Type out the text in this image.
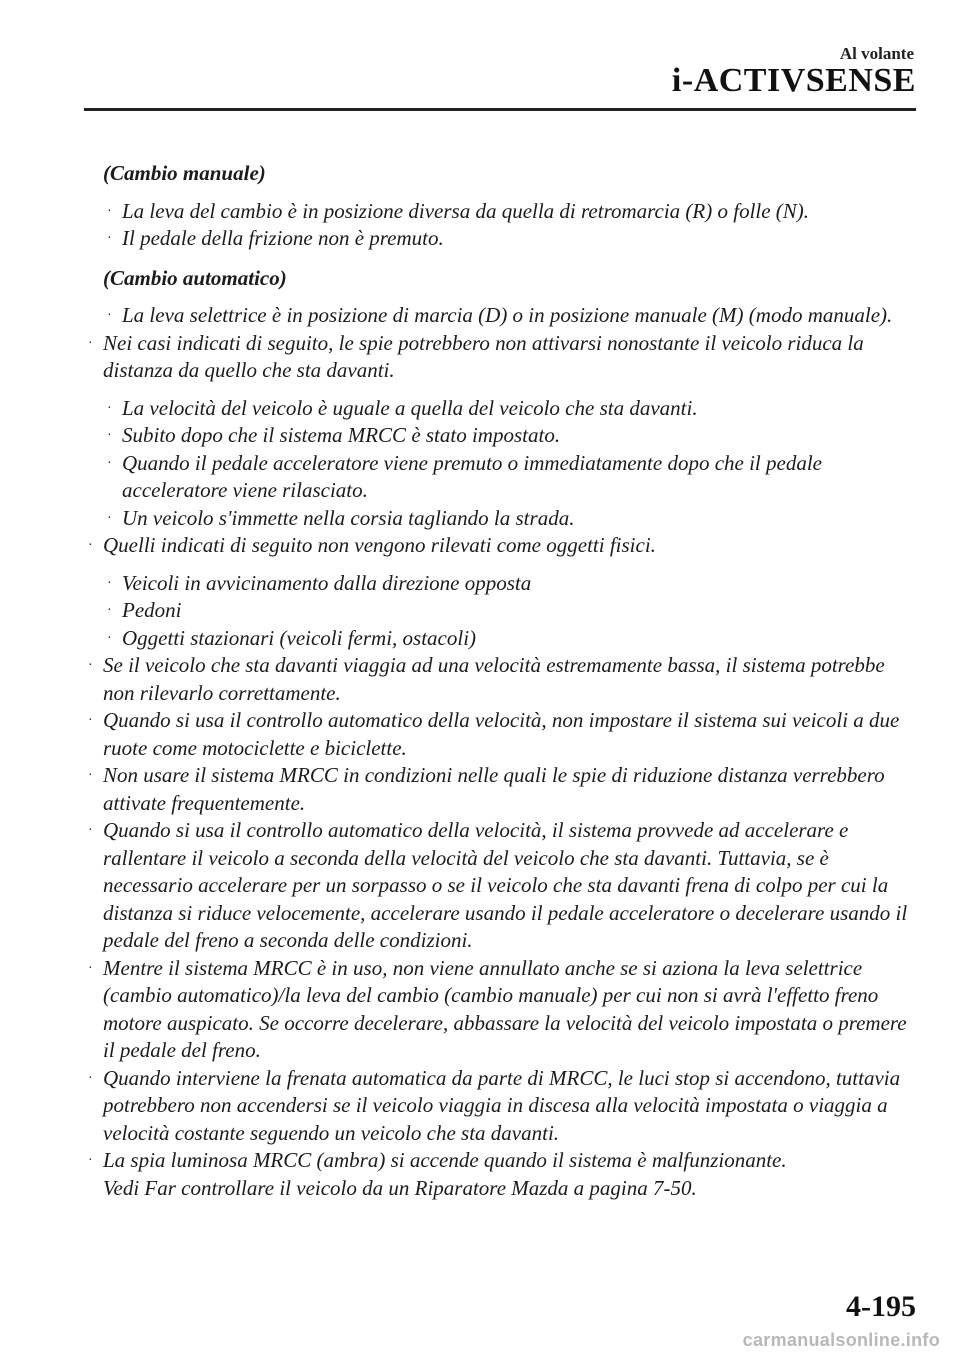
Al volante
i-ACTIVSENSE
(Cambio manuale)
· La leva del cambio è in posizione diversa da quella di retromarcia (R) o folle (N).
· Il pedale della frizione non è premuto.
(Cambio automatico)
· La leva selettrice è in posizione di marcia (D) o in posizione manuale (M) (modo manuale).
· Nei casi indicati di seguito, le spie potrebbero non attivarsi nonostante il veicolo riduca la distanza da quello che sta davanti.
· La velocità del veicolo è uguale a quella del veicolo che sta davanti.
· Subito dopo che il sistema MRCC è stato impostato.
· Quando il pedale acceleratore viene premuto o immediatamente dopo che il pedale acceleratore viene rilasciato.
· Un veicolo s'immette nella corsia tagliando la strada.
· Quelli indicati di seguito non vengono rilevati come oggetti fisici.
· Veicoli in avvicinamento dalla direzione opposta
· Pedoni
· Oggetti stazionari (veicoli fermi, ostacoli)
· Se il veicolo che sta davanti viaggia ad una velocità estremamente bassa, il sistema potrebbe non rilevarlo correttamente.
· Quando si usa il controllo automatico della velocità, non impostare il sistema sui veicoli a due ruote come motociclette e biciclette.
· Non usare il sistema MRCC in condizioni nelle quali le spie di riduzione distanza verrebbero attivate frequentemente.
· Quando si usa il controllo automatico della velocità, il sistema provvede ad accelerare e rallentare il veicolo a seconda della velocità del veicolo che sta davanti. Tuttavia, se è necessario accelerare per un sorpasso o se il veicolo che sta davanti frena di colpo per cui la distanza si riduce velocemente, accelerare usando il pedale acceleratore o decelerare usando il pedale del freno a seconda delle condizioni.
· Mentre il sistema MRCC è in uso, non viene annullato anche se si aziona la leva selettrice (cambio automatico)/la leva del cambio (cambio manuale) per cui non si avrà l'effetto freno motore auspicato. Se occorre decelerare, abbassare la velocità del veicolo impostata o premere il pedale del freno.
· Quando interviene la frenata automatica da parte di MRCC, le luci stop si accendono, tuttavia potrebbero non accendersi se il veicolo viaggia in discesa alla velocità impostata o viaggia a velocità costante seguendo un veicolo che sta davanti.
· La spia luminosa MRCC (ambra) si accende quando il sistema è malfunzionante.
Vedi Far controllare il veicolo da un Riparatore Mazda a pagina 7-50.
4-195
carmanualsonline.info
